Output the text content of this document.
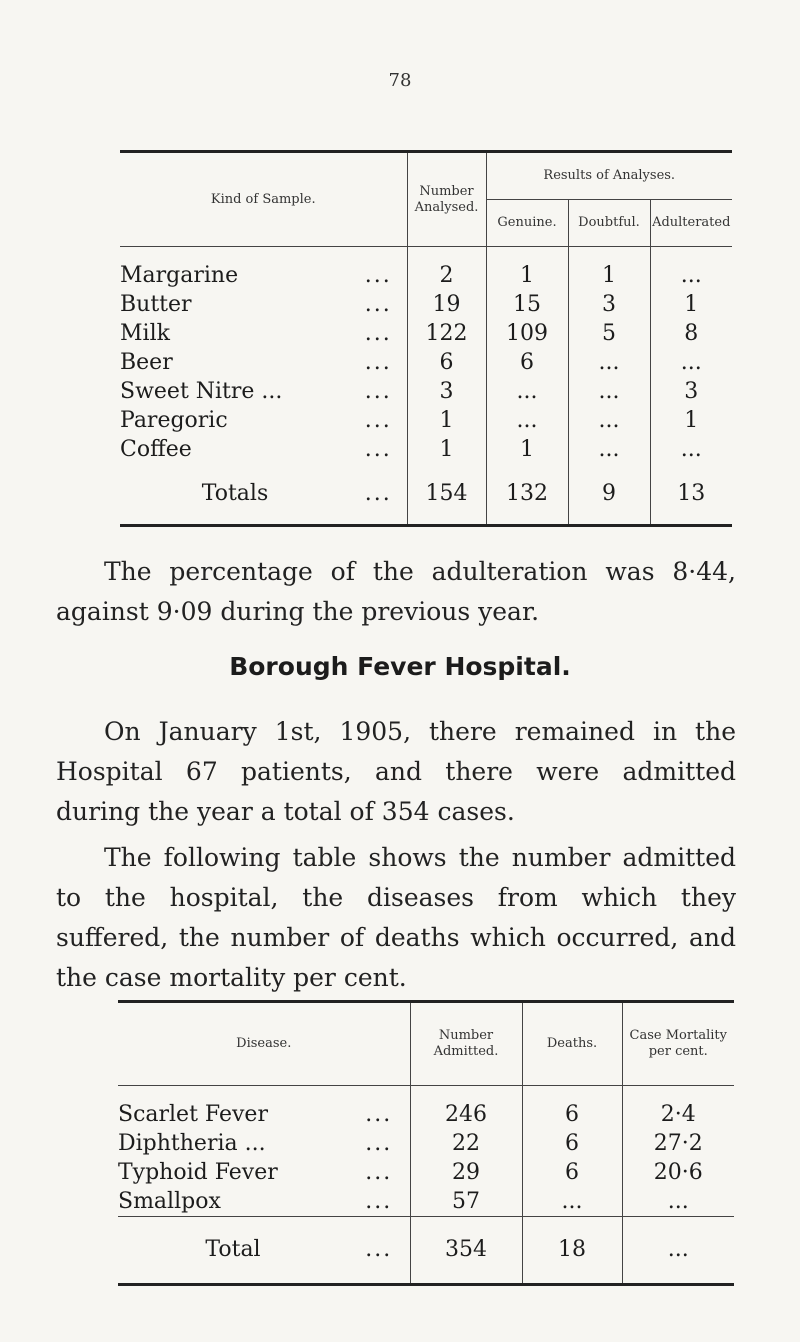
78
Kind of Sample.		Number Analysed.	Results of Analyses.		
			Genuine.	Doubtful.	Adulterated

Margarine	...	2	1	1	...
Butter	...	19	15	3	1
Milk	...	122	109	5	8
Beer	...	6	6	...	...
Sweet Nitre ...	...	3	...	...	3
Paregoric	...	1	...	...	1
Coffee	...	1	1	...	...
Totals	...	154	132	9	13

The percentage of the adulteration was 8·44, against 9·09 during the previous year.

Borough Fever Hospital.

On January 1st, 1905, there remained in the Hospital 67 patients, and there were admitted during the year a total of 354 cases.

The following table shows the number admitted to the hospital, the diseases from which they suffered, the number of deaths which occurred, and the case mortality per cent.

Disease.		Number Admitted.	Deaths.	Case Mortality per cent.

Scarlet Fever	...	246	6	2·4
Diphtheria ...	...	22	6	27·2
Typhoid Fever	...	29	6	20·6
Smallpox	...	57	...	...
Total	...	354	18	...
